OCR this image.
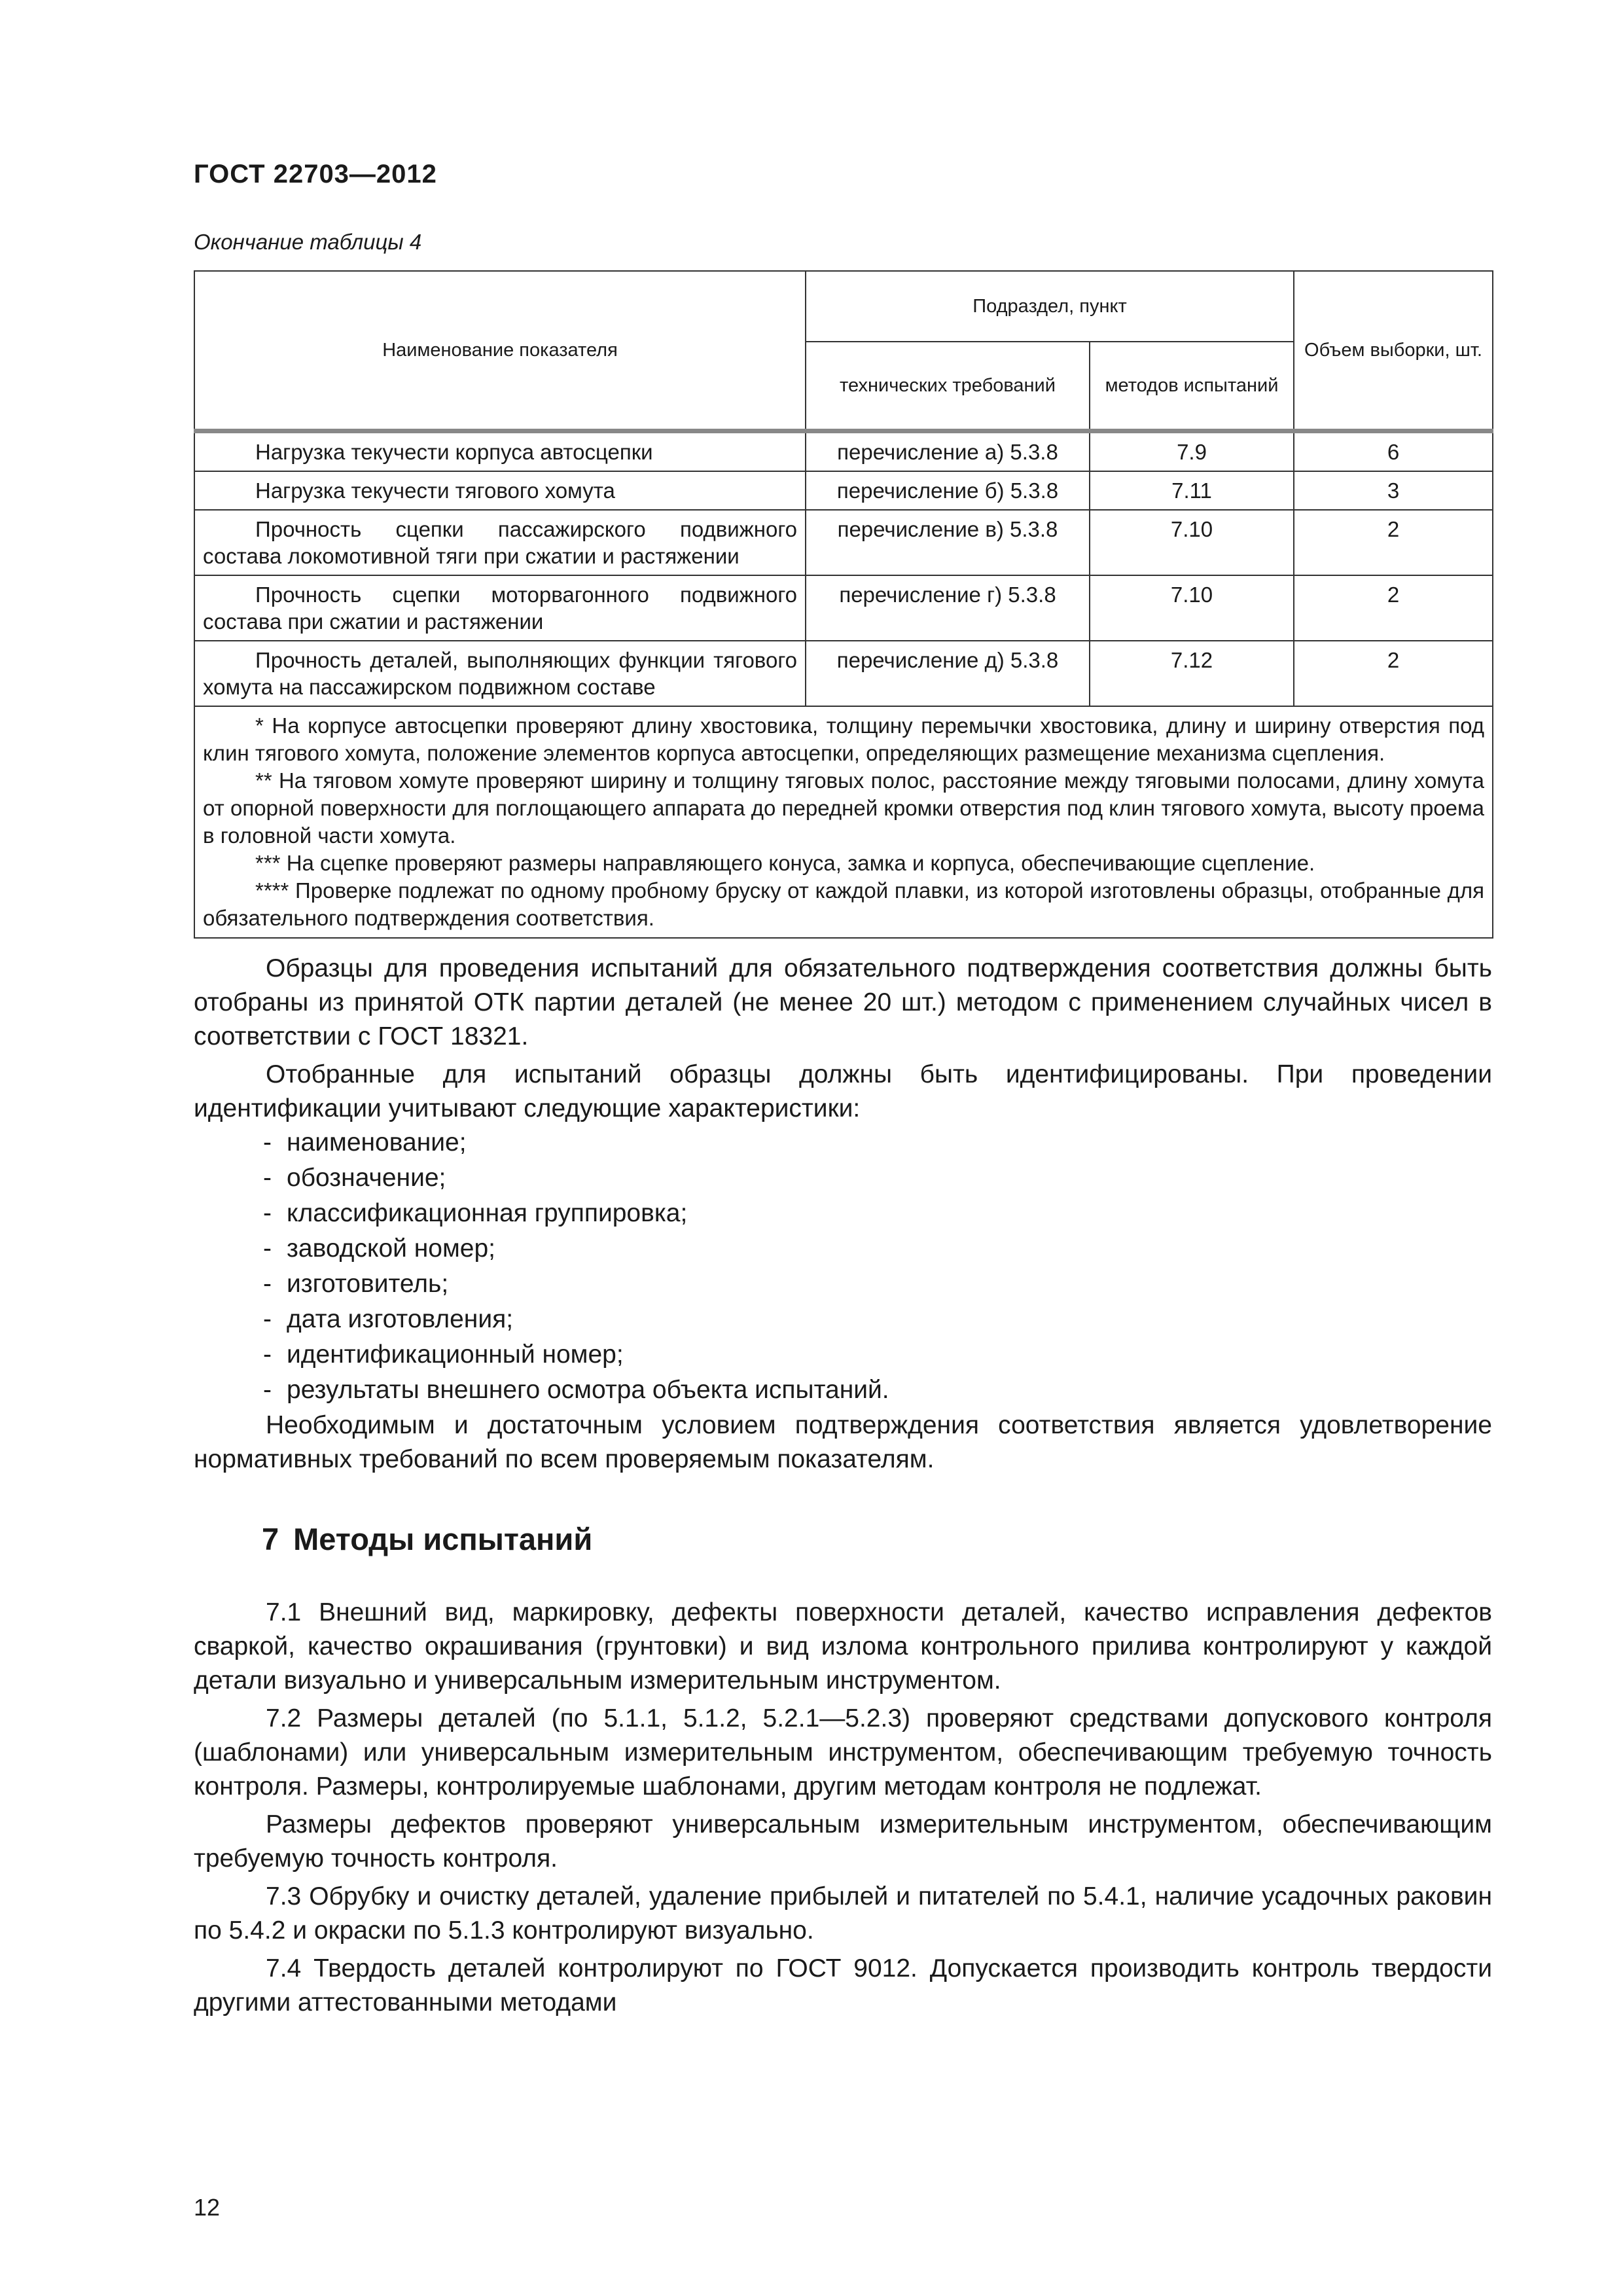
ГОСТ 22703—2012
Окончание таблицы 4
Наименование показателя	Подраздел, пункт		Объем выборки, шт.
	технических требований	методов испытаний	
Нагрузка текучести корпуса автосцепки	перечисление а) 5.3.8	7.9	6
Нагрузка текучести тягового хомута	перечисление б) 5.3.8	7.11	3
Прочность сцепки пассажирского подвижного состава локомотивной тяги при сжатии и растяжении	перечисление в) 5.3.8	7.10	2
Прочность сцепки моторвагонного подвижного состава при сжатии и растяжении	перечисление г) 5.3.8	7.10	2
Прочность деталей, выполняющих функции тягового хомута на пассажирском подвижном составе	перечисление д) 5.3.8	7.12	2

* На корпусе автосцепки проверяют длину хвостовика, толщину перемычки хвостовика, длину и ширину отверстия под клин тягового хомута, положение элементов корпуса автосцепки, определяющих размещение механизма сцепления.
** На тяговом хомуте проверяют ширину и толщину тяговых полос, расстояние между тяговыми полосами, длину хомута от опорной поверхности для поглощающего аппарата до передней кромки отверстия под клин тягового хомута, высоту проема в головной части хомута.
*** На сцепке проверяют размеры направляющего конуса, замка и корпуса, обеспечивающие сцепление.
**** Проверке подлежат по одному пробному бруску от каждой плавки, из которой изготовлены образцы, отобранные для обязательного подтверждения соответствия.			

Образцы для проведения испытаний для обязательного подтверждения соответствия должны быть отобраны из принятой ОТК партии деталей (не менее 20 шт.) методом с применением случайных чисел в соответствии с ГОСТ 18321.

Отобранные для испытаний образцы должны быть идентифицированы. При проведении идентификации учитывают следующие характеристики:

- наименование;
- обозначение;
- классификационная группировка;
- заводской номер;
- изготовитель;
- дата изготовления;
- идентификационный номер;
- результаты внешнего осмотра объекта испытаний.

Необходимым и достаточным условием подтверждения соответствия является удовлетворение нормативных требований по всем проверяемым показателям.

7 Методы испытаний

7.1 Внешний вид, маркировку, дефекты поверхности деталей, качество исправления дефектов сваркой, качество окрашивания (грунтовки) и вид излома контрольного прилива контролируют у каждой детали визуально и универсальным измерительным инструментом.

7.2 Размеры деталей (по 5.1.1, 5.1.2, 5.2.1—5.2.3) проверяют средствами допускового контроля (шаблонами) или универсальным измерительным инструментом, обеспечивающим требуемую точность контроля. Размеры, контролируемые шаблонами, другим методам контроля не подлежат.

Размеры дефектов проверяют универсальным измерительным инструментом, обеспечивающим требуемую точность контроля.

7.3 Обрубку и очистку деталей, удаление прибылей и питателей по 5.4.1, наличие усадочных раковин по 5.4.2 и окраски по 5.1.3 контролируют визуально.

7.4 Твердость деталей контролируют по ГОСТ 9012. Допускается производить контроль твердости другими аттестованными методами

12
